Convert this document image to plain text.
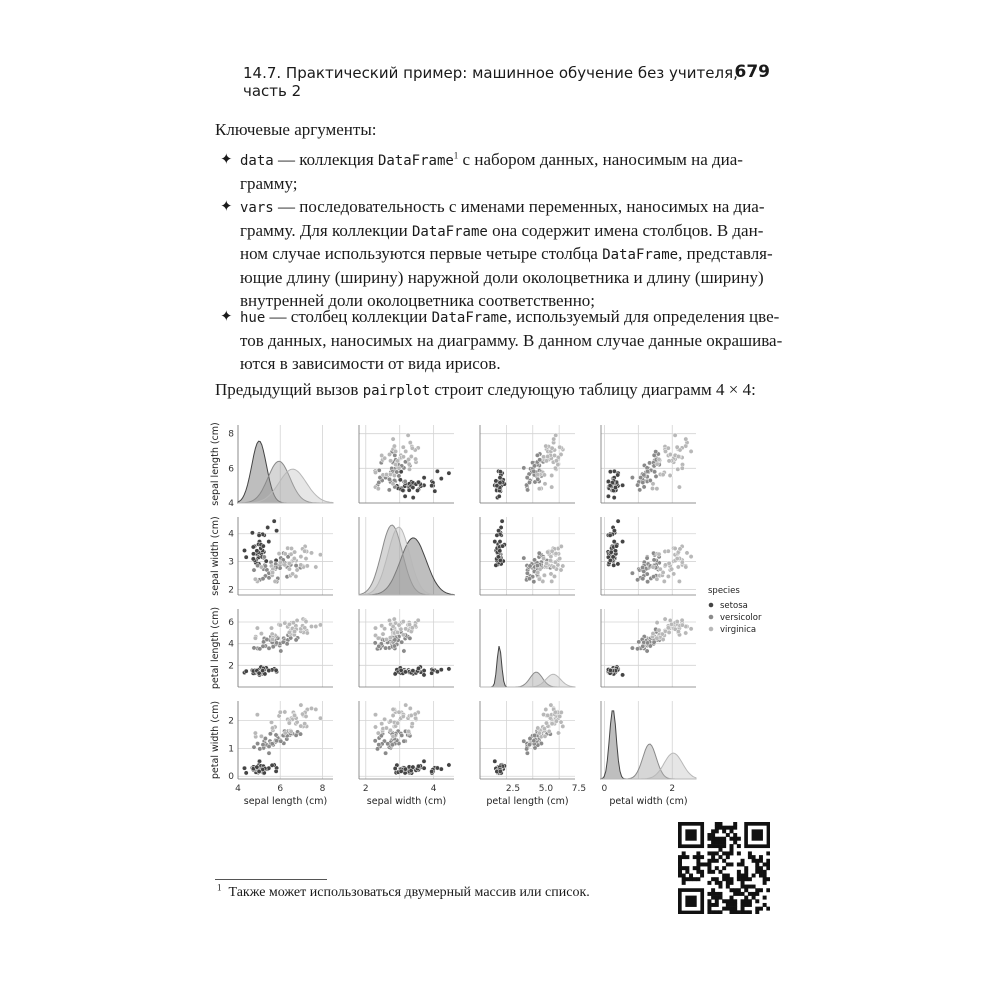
14.7. Практический пример: машинное обучение без учителя, часть 2
679
Ключевые аргументы:
✦ data — коллекция DataFrame$^1$ с набором данных, наносимым на диа-
грамму;
✦ vars — последовательность с именами переменных, наносимых на диа-
грамму. Для коллекции DataFrame она содержит имена столбцов. В дан-
ном случае используются первые четыре столбца DataFrame, представля-
ющие длину (ширину) наружной доли околоцветника и длину (ширину)
внутренней доли околоцветника соответственно;
✦ hue — столбец коллекции DataFrame, используемый для определения цве-
тов данных, наносимых на диаграмму. В данном случае данные окрашива-
ются в зависимости от вида ирисов.
Предыдущий вызов pairplot строит следующую таблицу диаграмм 4 × 4:
4
6
8
sepal length (cm)
2
3
4
sepal width (cm)
2
4
6
petal length (cm)
0
1
2
petal width (cm)
4	6	8
sepal length (cm)
2	4
sepal width (cm)
2.5 5.0 7.5
petal length (cm)
0	2
petal width (cm)
species
setosa
versicolor
virginica
$^1$ Также может использоваться двумерный массив или список.
